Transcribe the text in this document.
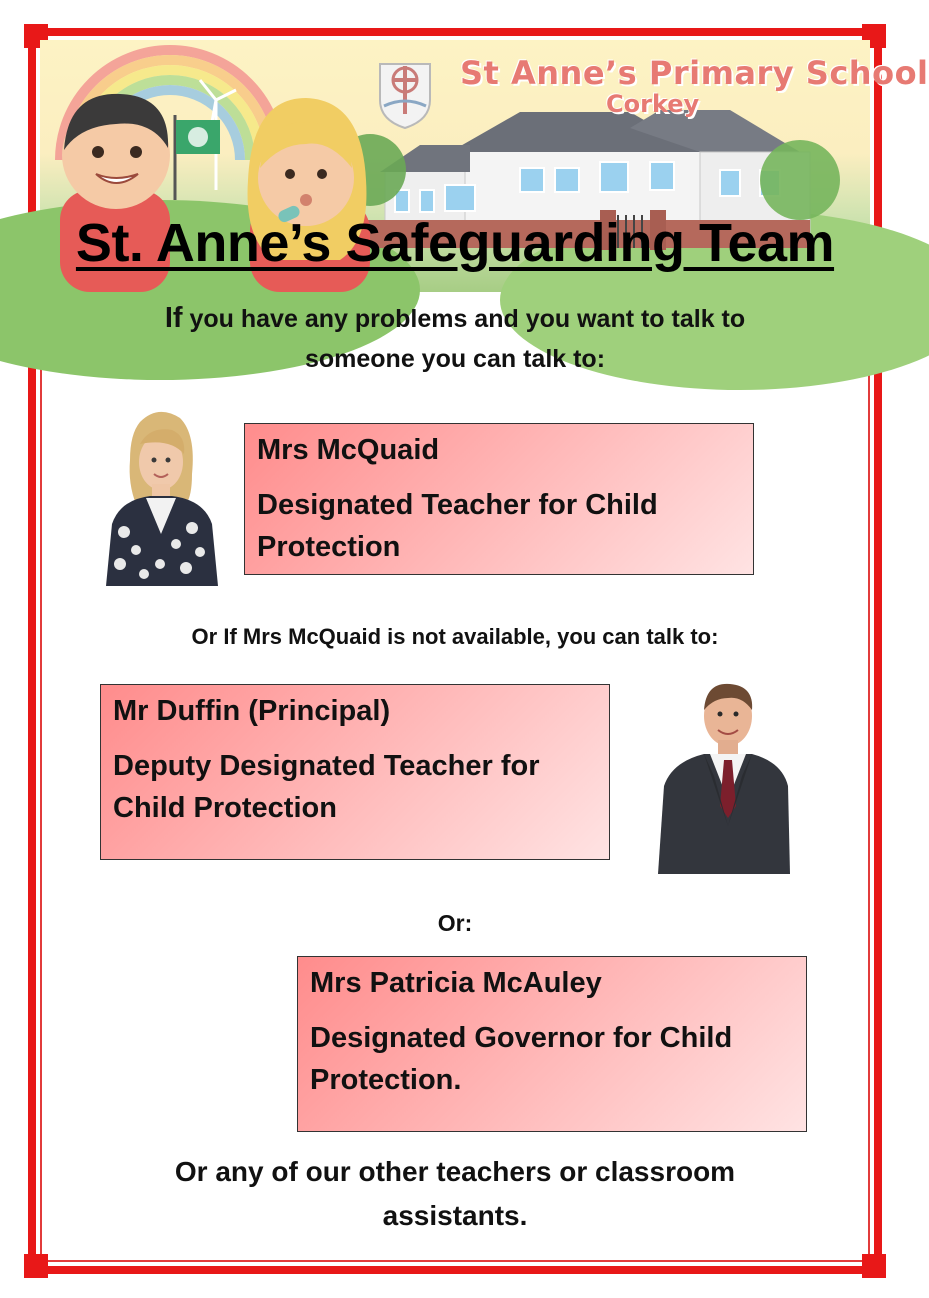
St Anne’s Primary School
Corkey
St. Anne’s Safeguarding Team
If you have any problems and you want to talk to
someone you can talk to:
Mrs McQuaid
Designated Teacher for Child Protection
Or If Mrs McQuaid is not available, you can talk to:
Mr Duffin (Principal)
Deputy Designated Teacher for Child Protection
Or:
Mrs Patricia McAuley
Designated Governor for Child Protection.
Or any of our other teachers or classroom
assistants.
